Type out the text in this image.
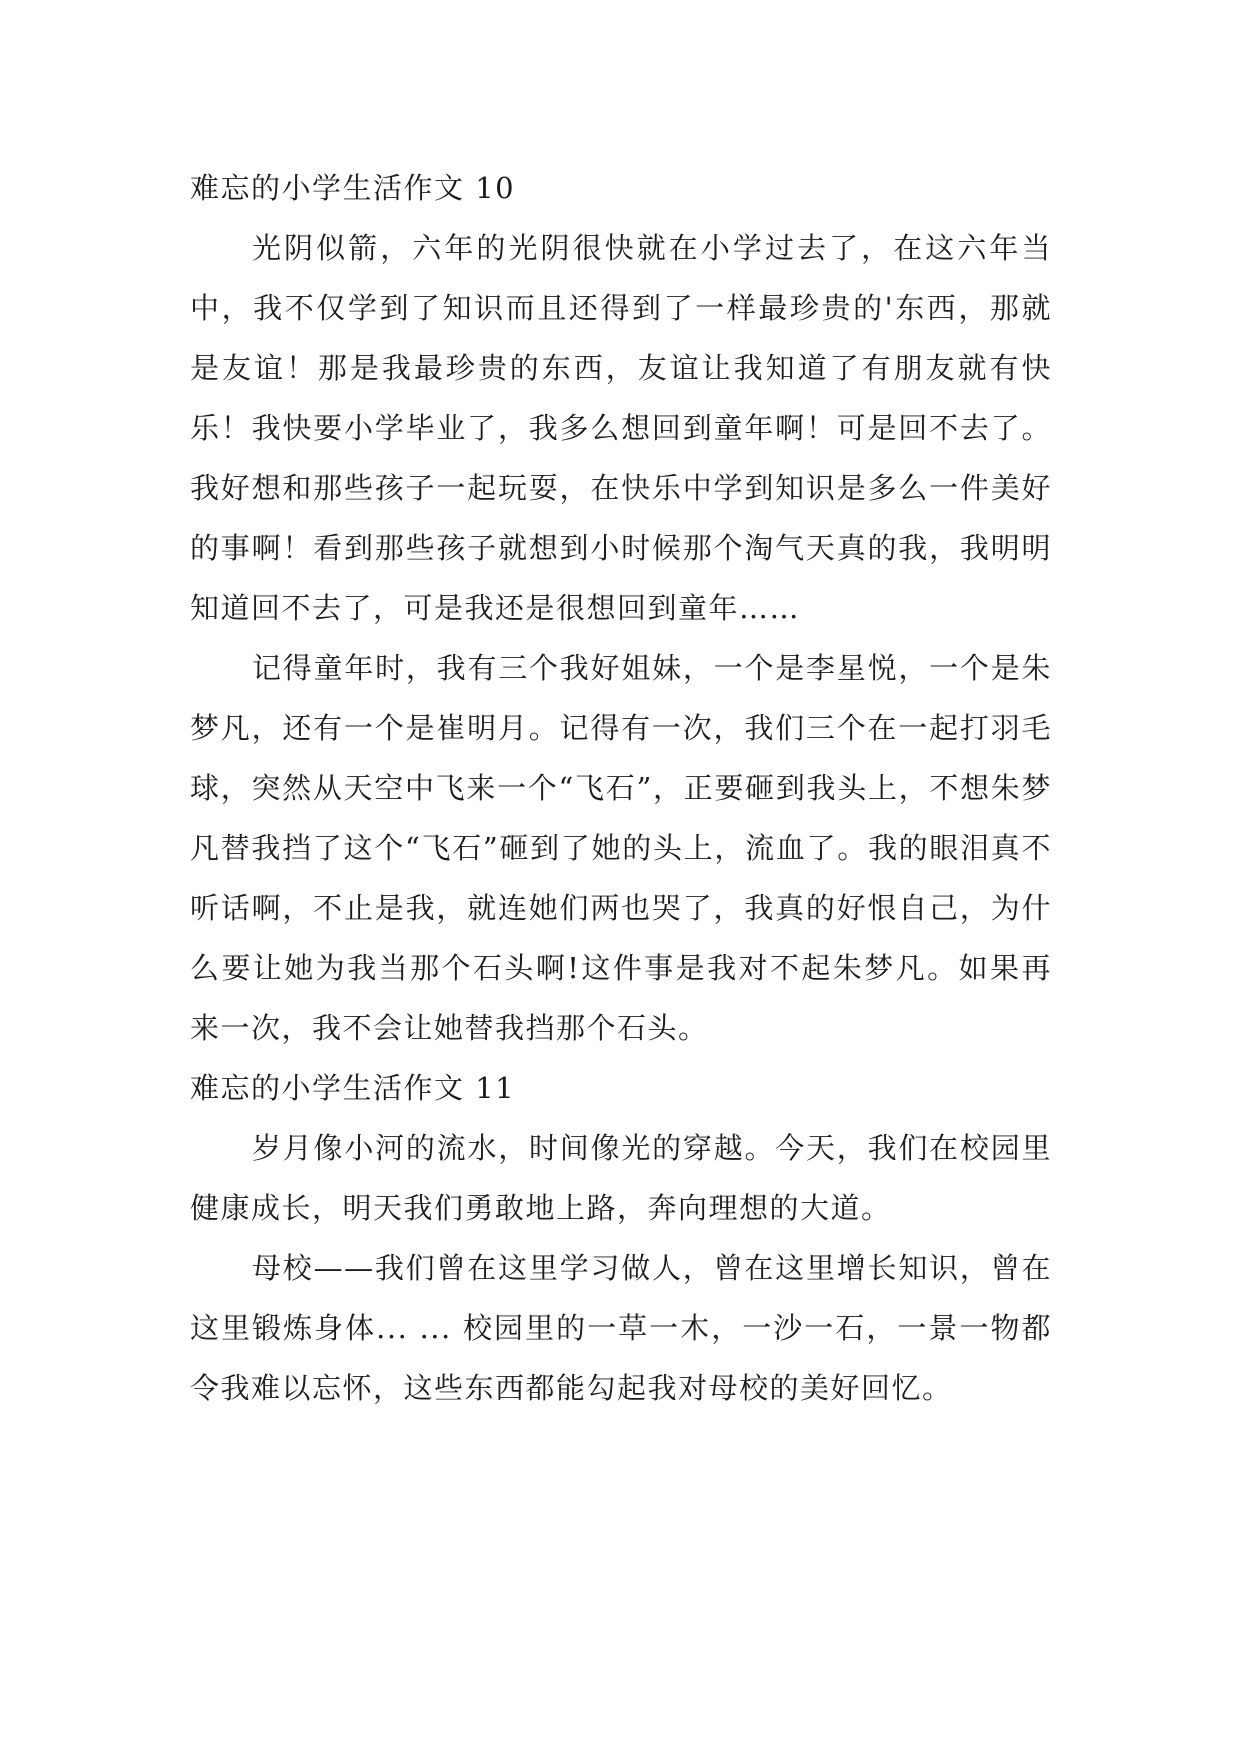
难忘的小学生活作文 10

光阴似箭，六年的光阴很快就在小学过去了，在这六年当中，我不仅学到了知识而且还得到了一样最珍贵的'东西，那就是友谊！那是我最珍贵的东西，友谊让我知道了有朋友就有快乐！我快要小学毕业了，我多么想回到童年啊！可是回不去了。我好想和那些孩子一起玩耍，在快乐中学到知识是多么一件美好的事啊！看到那些孩子就想到小时候那个淘气天真的我，我明明知道回不去了，可是我还是很想回到童年……

记得童年时，我有三个我好姐妹，一个是李星悦，一个是朱梦凡，还有一个是崔明月。记得有一次，我们三个在一起打羽毛球，突然从天空中飞来一个“飞石”，正要砸到我头上，不想朱梦凡替我挡了这个“飞石”砸到了她的头上，流血了。我的眼泪真不听话啊，不止是我，就连她们两也哭了，我真的好恨自己，为什么要让她为我当那个石头啊!这件事是我对不起朱梦凡。如果再来一次，我不会让她替我挡那个石头。

难忘的小学生活作文 11

岁月像小河的流水，时间像光的穿越。今天，我们在校园里健康成长，明天我们勇敢地上路，奔向理想的大道。

母校——我们曾在这里学习做人，曾在这里增长知识，曾在这里锻炼身体... ... 校园里的一草一木，一沙一石，一景一物都令我难以忘怀，这些东西都能勾起我对母校的美好回忆。
